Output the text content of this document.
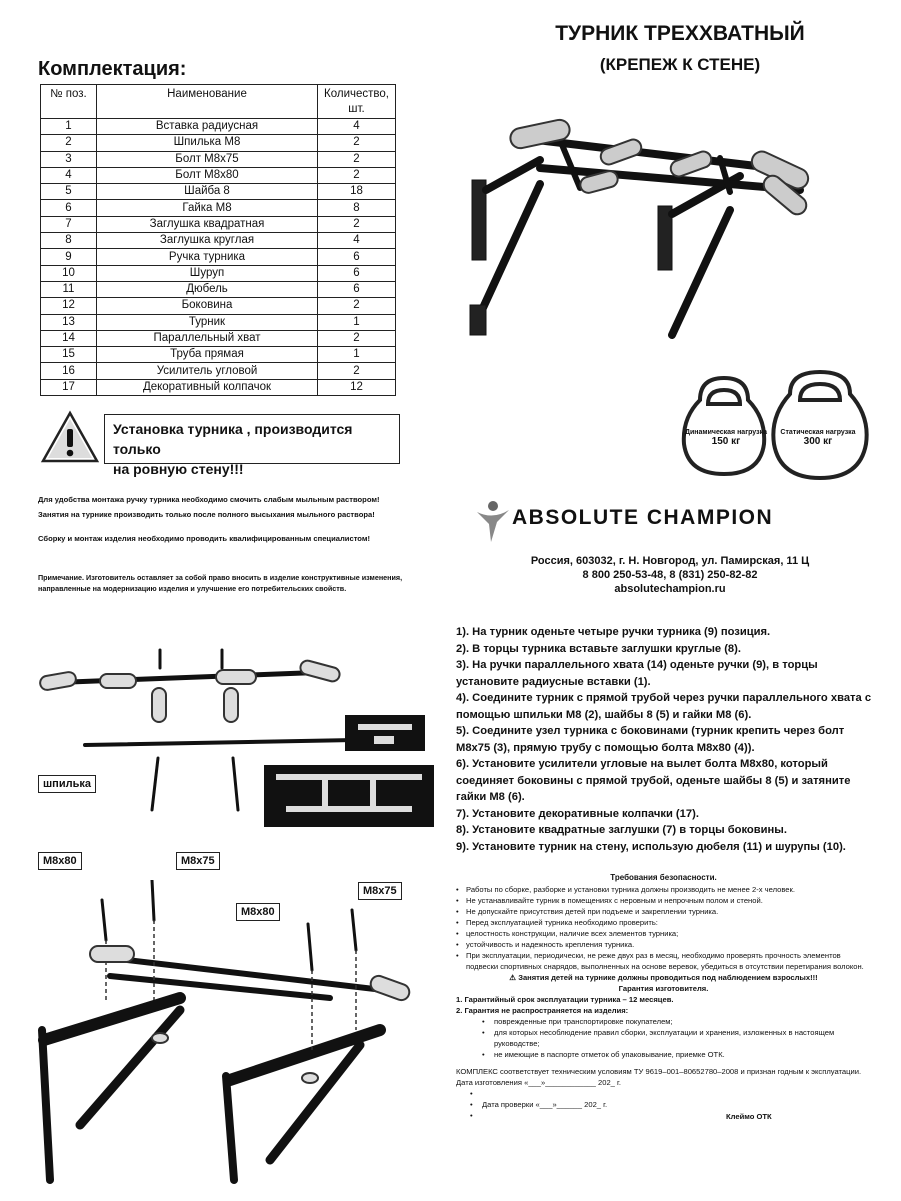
ТУРНИК ТРЕХХВАТНЫЙ
(КРЕПЕЖ К СТЕНЕ)
Комплектация:
№ поз.	Наименование	Количество, шт.
1	Вставка радиусная	4
2	Шпилька М8	2
3	Болт М8х75	2
4	Болт М8х80	2
5	Шайба 8	18
6	Гайка М8	8
7	Заглушка квадратная	2
8	Заглушка круглая	4
9	Ручка турника	6
10	Шуруп	6
11	Дюбель	6
12	Боковина	2
13	Турник	1
14	Параллельный хват	2
15	Труба прямая	1
16	Усилитель угловой	2
17	Декоративный колпачок	12
Установка турника , производится только
на ровную стену!!!
Для удобства монтажа ручку турника необходимо смочить слабым мыльным раствором!
Занятия на турнике производить только после полного высыхания мыльного раствора!
Сборку и монтаж изделия необходимо проводить квалифицированным специалистом!
Примечание. Изготовитель оставляет за собой право вносить в изделие конструктивные изменения, направленные на модернизацию изделия и улучшение его потребительских свойств.
Динамическая нагрузка
150 кг
Статическая нагрузка
300 кг
ABSOLUTE CHAMPION
Россия, 603032, г. Н. Новгород, ул. Памирская, 11 Ц
8 800 250-53-48, 8 (831) 250-82-82
absolutechampion.ru
шпилька
M8x80	M8x75
M8x80
M8x75

1). На турник оденьте четыре ручки турника (9) позиция.

2). В торцы турника вставьте заглушки круглые (8).

3). На ручки параллельного хвата (14) оденьте ручки (9), в торцы установите радиусные вставки (1).

4). Соедините турник с прямой трубой через ручки параллельного хвата с помощью шпильки М8 (2), шайбы 8 (5) и гайки М8 (6).

5). Соедините узел турника с боковинами (турник крепить через болт М8х75 (3), прямую трубу с помощью болта М8х80 (4)).

6). Установите усилители угловые на вылет болта М8х80, который соединяет боковины с прямой трубой, оденьте шайбы 8 (5) и затяните гайки М8 (6).

7). Установите декоративные колпачки (17).

8). Установите квадратные заглушки (7) в торцы боковины.

9). Установите турник на стену, использую дюбеля (11) и шурупы (10).

Требования безопасности.
• Работы по сборке, разборке и установки турника должны производить не менее 2-х человек.
• Не устанавливайте турник в помещениях с неровным и непрочным полом и стеной.
• Не допускайте присутствия детей при подъеме и закреплении турника.
• Перед эксплуатацией турника необходимо проверить:
• целостность конструкции, наличие всех элементов турника;
• устойчивость и надежность крепления турника.
• При эксплуатации, периодически, не реже двух раз в месяц, необходимо проверять прочность элементов подвески спортивных снарядов, выполненных на основе веревок, убедиться в отсутствии перетирания волокон.
⚠ Занятия детей на турнике должны проводиться под наблюдением взрослых!!!
Гарантия изготовителя.
1. Гарантийный срок эксплуатации турника – 12 месяцев.
2. Гарантия не распространяется на изделия:
• поврежденные при транспортировке покупателем;
• для которых несоблюдение правил сборки, эксплуатации и хранения, изложенных в настоящем руководстве;
• не имеющие в паспорте отметок об упаковывание, приемке ОТК.
КОМПЛЕКС соответствует техническим условиям ТУ 9619–001–80652780–2008 и признан годным к эксплуатации.
Дата изготовления «___»____________ 202_ г.
•
• Дата проверки «___»______ 202_ г.
•
Клеймо ОТК
